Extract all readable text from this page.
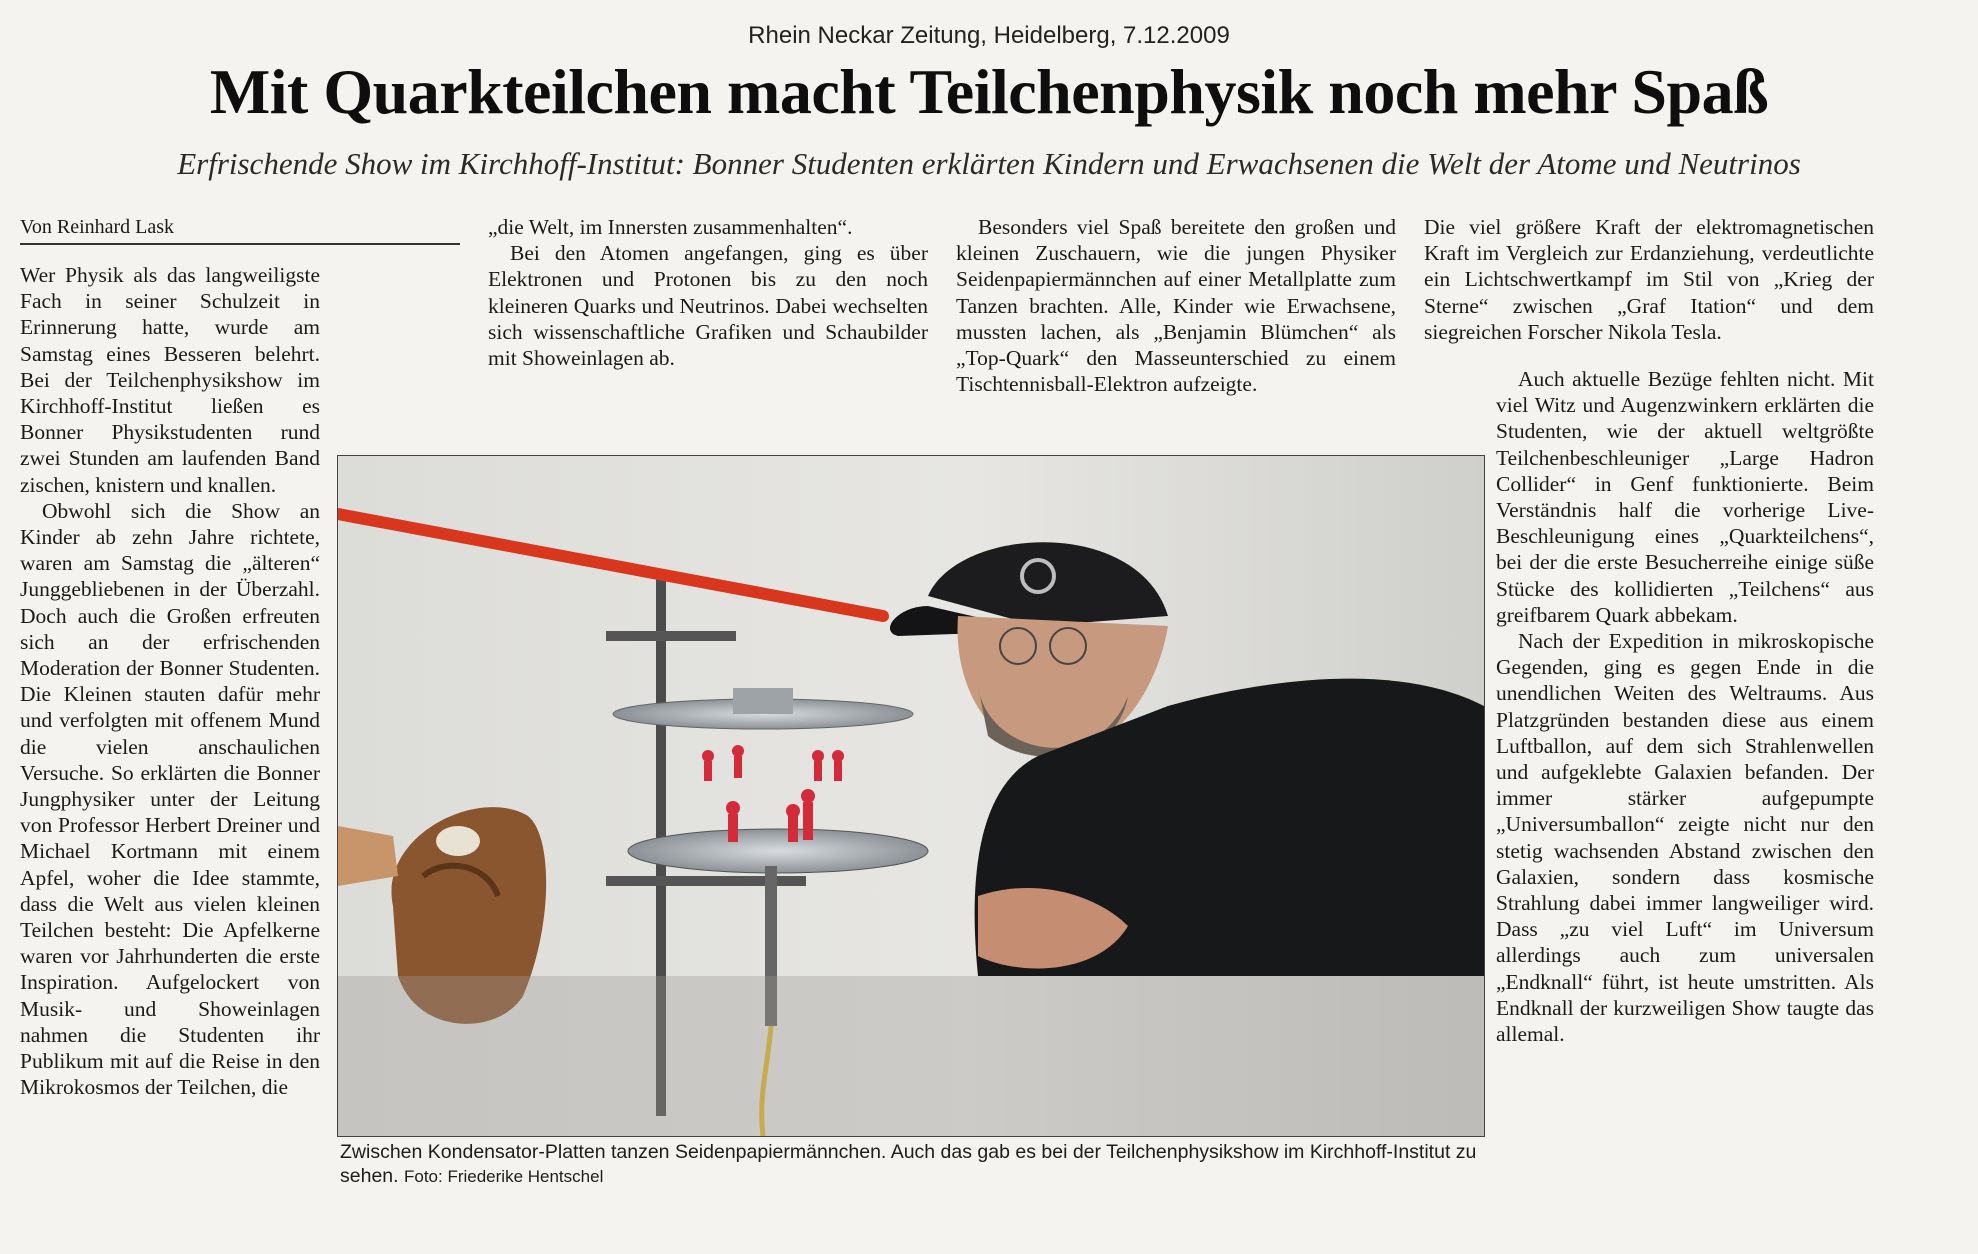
Rhein Neckar Zeitung, Heidelberg, 7.12.2009
Mit Quarkteilchen macht Teilchenphysik noch mehr Spaß
Erfrischende Show im Kirchhoff-Institut: Bonner Studenten erklärten Kindern und Erwachsenen die Welt der Atome und Neutrinos
Von Reinhard Lask

Wer Physik als das langweiligste Fach in seiner Schulzeit in Erinnerung hatte, wurde am Samstag eines Besseren belehrt. Bei der Teilchenphysikshow im Kirchhoff-Institut ließen es Bonner Physikstudenten rund zwei Stunden am laufenden Band zischen, knistern und knallen.

Obwohl sich die Show an Kinder ab zehn Jahre richtete, waren am Samstag die „älteren“ Junggebliebenen in der Überzahl. Doch auch die Großen erfreuten sich an der erfrischenden Moderation der Bonner Studenten. Die Kleinen stauten dafür mehr und verfolgten mit offenem Mund die vielen anschaulichen Versuche. So erklärten die Bonner Jungphysiker unter der Leitung von Professor Herbert Dreiner und Michael Kortmann mit einem Apfel, woher die Idee stammte, dass die Welt aus vielen kleinen Teilchen besteht: Die Apfelkerne waren vor Jahrhunderten die erste Inspiration. Aufgelockert von Musik- und Showeinlagen nahmen die Studenten ihr Publikum mit auf die Reise in den Mikrokosmos der Teilchen, die

„die Welt, im Innersten zusammenhalten“.

Bei den Atomen angefangen, ging es über Elektronen und Protonen bis zu den noch kleineren Quarks und Neutrinos. Dabei wechselten sich wissenschaftliche Grafiken und Schaubilder mit Showeinlagen ab.

Besonders viel Spaß bereitete den großen und kleinen Zuschauern, wie die jungen Physiker Seidenpapiermännchen auf einer Metallplatte zum Tanzen brachten. Alle, Kinder wie Erwachsene, mussten lachen, als „Benjamin Blümchen“ als „Top-Quark“ den Masseunterschied zu einem Tischtennisball-Elektron aufzeigte.

Die viel größere Kraft der elektromagnetischen Kraft im Vergleich zur Erdanziehung, verdeutlichte ein Lichtschwertkampf im Stil von „Krieg der Sterne“ zwischen „Graf Itation“ und dem siegreichen Forscher Nikola Tesla.

Auch aktuelle Bezüge fehlten nicht. Mit viel Witz und Augenzwinkern erklärten die Studenten, wie der aktuell weltgrößte Teilchenbeschleuniger „Large Hadron Collider“ in Genf funktionierte. Beim Verständnis half die vorherige Live-Beschleunigung eines „Quarkteilchens“, bei der die erste Besucherreihe einige süße Stücke des kollidierten „Teilchens“ aus greifbarem Quark abbekam.

Nach der Expedition in mikroskopische Gegenden, ging es gegen Ende in die unendlichen Weiten des Weltraums. Aus Platzgründen bestanden diese aus einem Luftballon, auf dem sich Strahlenwellen und aufgeklebte Galaxien befanden. Der immer stärker aufgepumpte „Universumballon“ zeigte nicht nur den stetig wachsenden Abstand zwischen den Galaxien, sondern dass kosmische Strahlung dabei immer langweiliger wird. Dass „zu viel Luft“ im Universum allerdings auch zum universalen „Endknall“ führt, ist heute umstritten. Als Endknall der kurzweiligen Show taugte das allemal.

Zwischen Kondensator-Platten tanzen Seidenpapiermännchen. Auch das gab es bei der Teilchenphysikshow im Kirchhoff-Institut zu sehen. Foto: Friederike Hentschel
